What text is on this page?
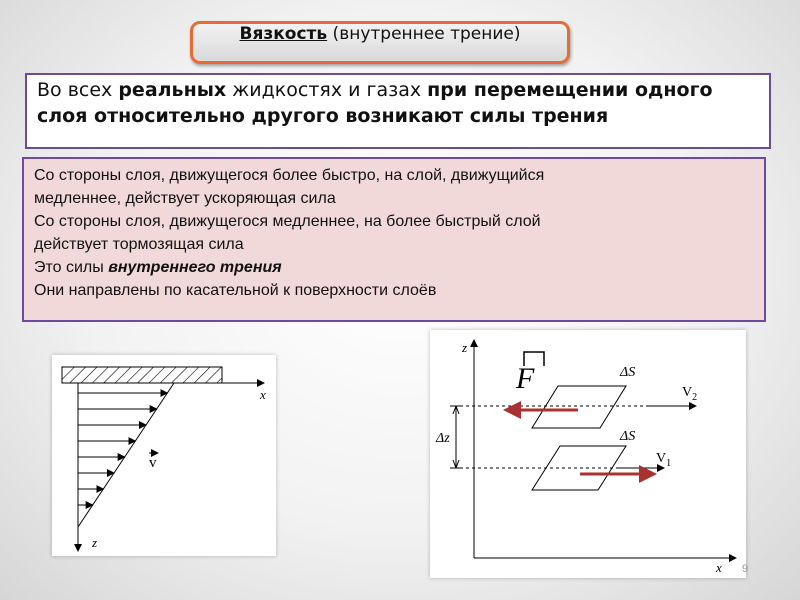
Вязкость (внутреннее трение)
Во всех реальных жидкостях и газах при перемещении одного слоя относительно другого возникают силы трения
Со стороны слоя, движущегося более быстро, на слой, движущийся
медленнее, действует ускоряющая сила
Со стороны слоя, движущегося медленнее, на более быстрый слой
действует тормозящая сила
Это силы внутреннего трения
Они направлены по касательной к поверхности слоёв
x
z
v
z
x
F	ΔS
$V_2$
ΔS
$V_1$
Δz
9
